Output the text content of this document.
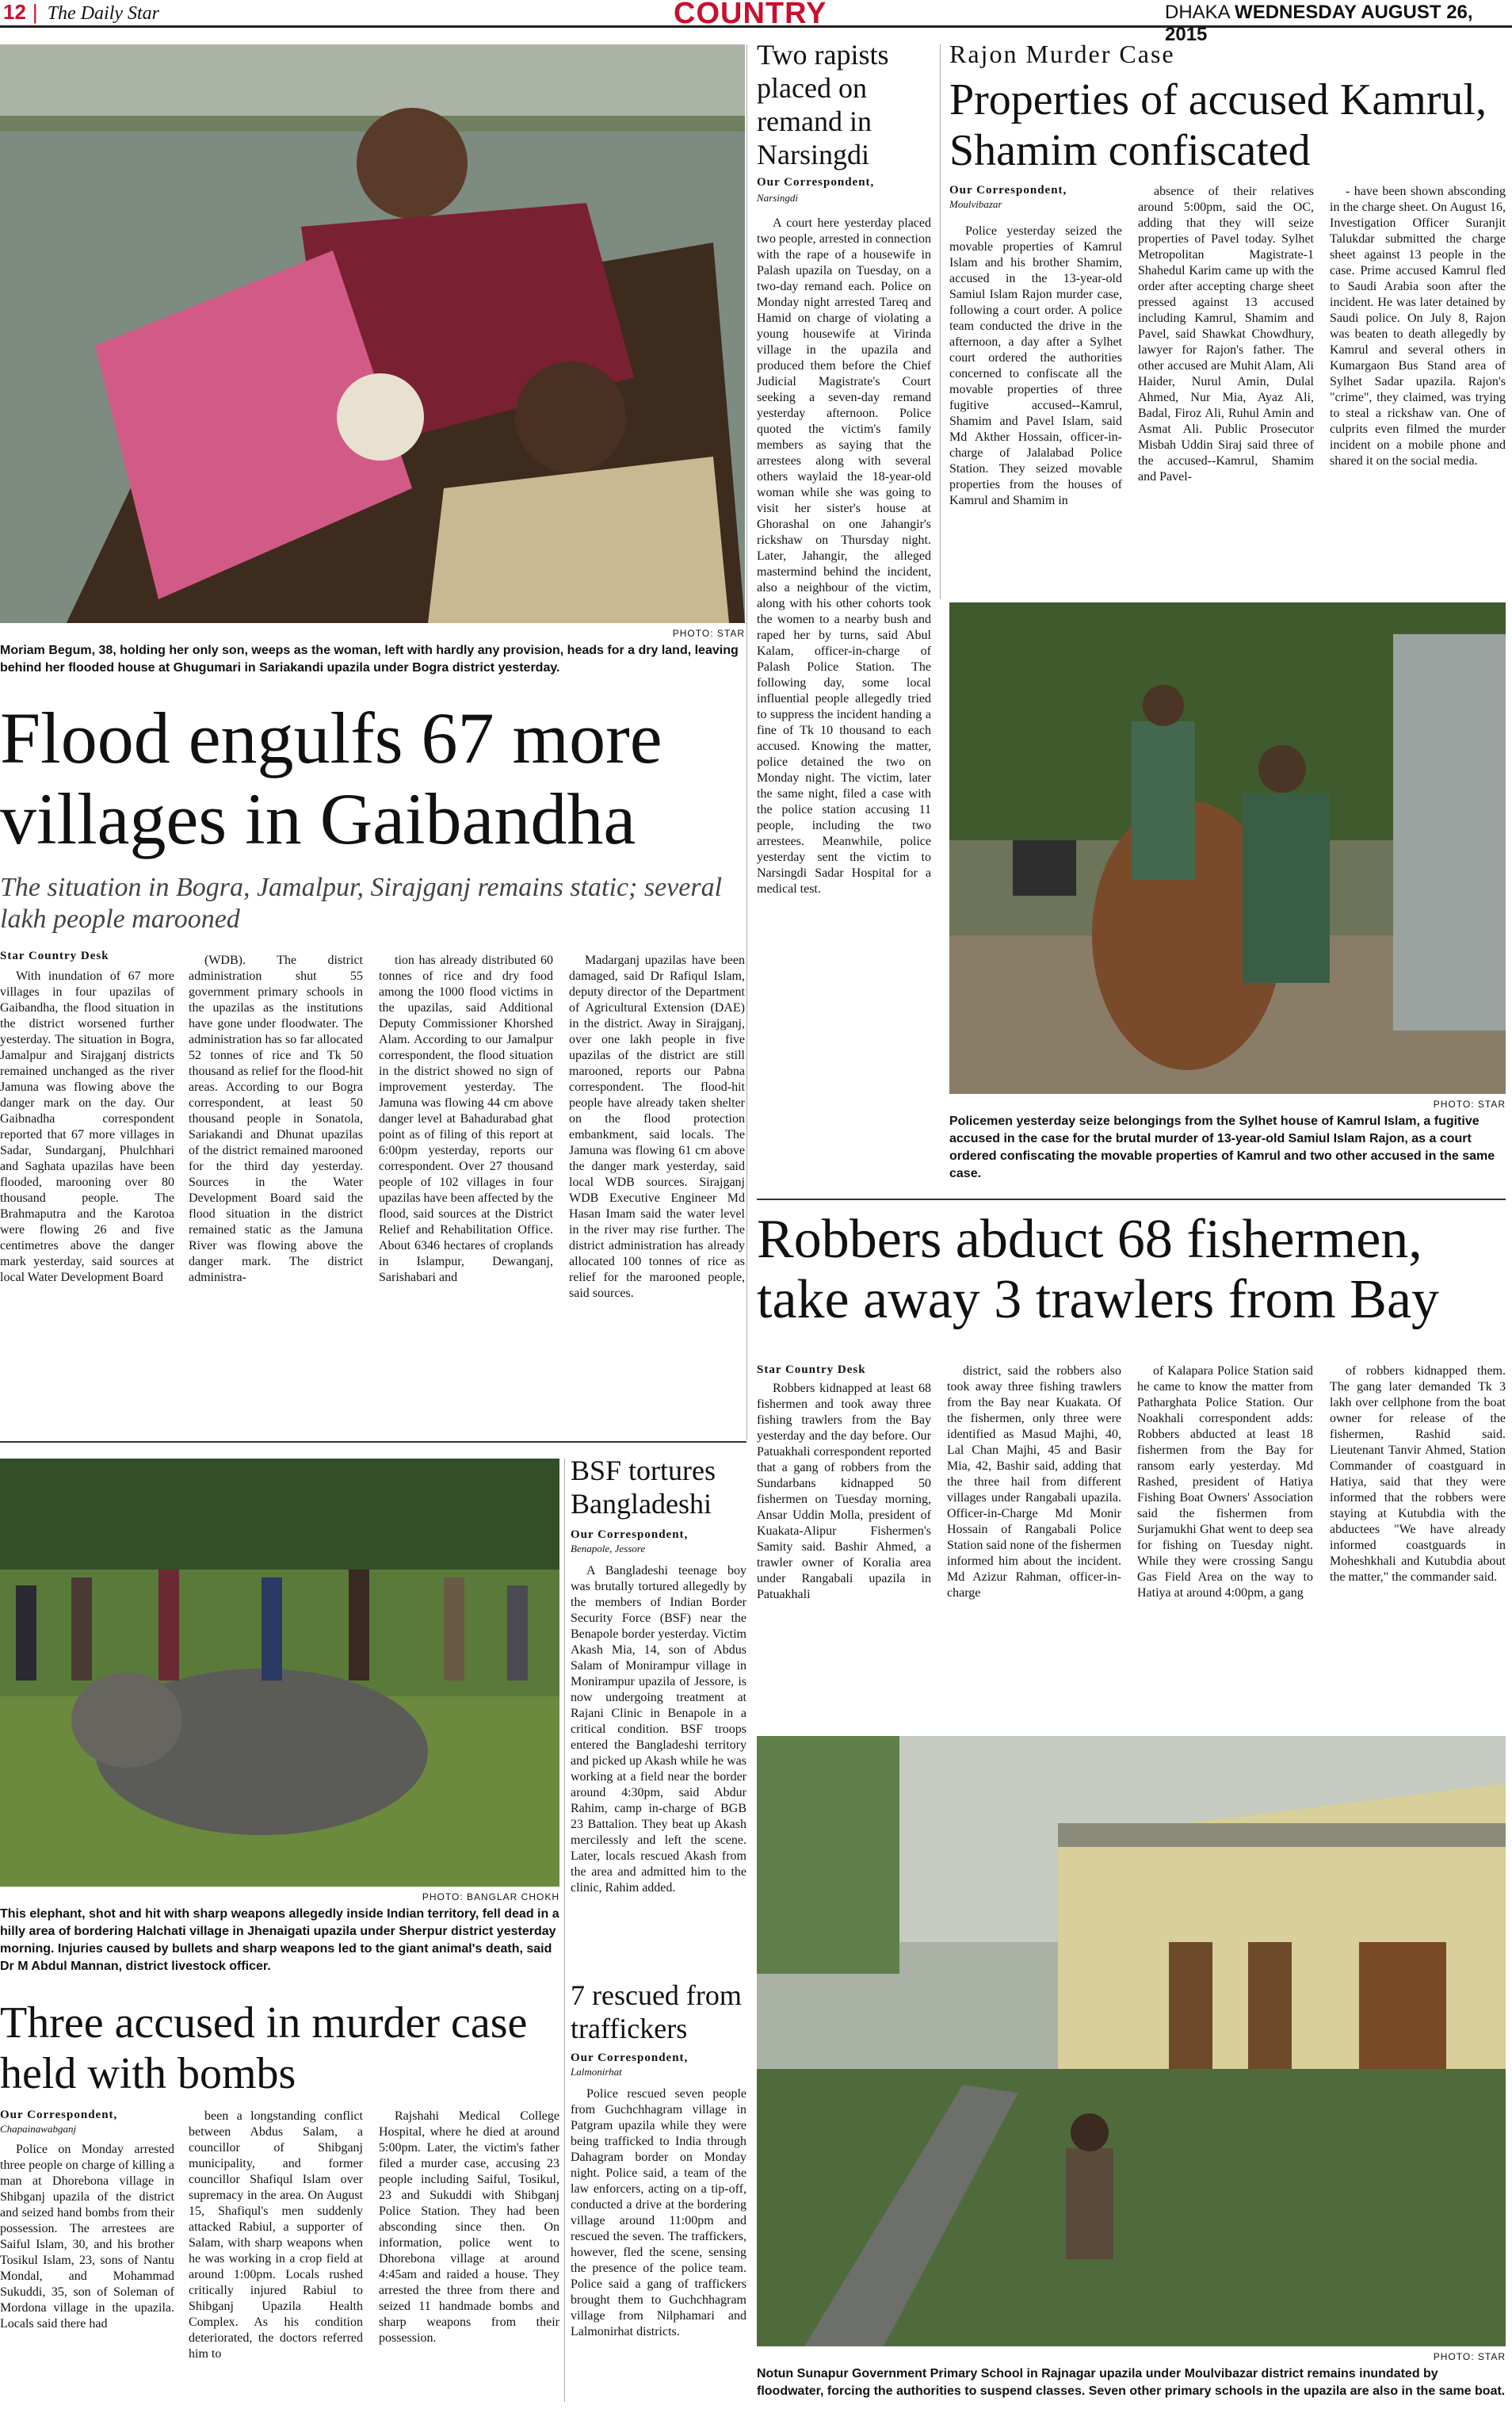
12 | The Daily Star	COUNTRY	DHAKA WEDNESDAY AUGUST 26, 2015
PHOTO: STAR
Moriam Begum, 38, holding her only son, weeps as the woman, left with hardly any provision, heads for a dry land, leaving behind her flooded house at Ghugumari in Sariakandi upazila under Bogra district yesterday.
Flood engulfs 67 more villages in Gaibandha
The situation in Bogra, Jamalpur, Sirajganj remains static; several lakh people marooned
Star Country Desk

With inundation of 67 more villages in four upazilas of Gaibandha, the flood situation in the district worsened further yesterday. The situation in Bogra, Jamalpur and Sirajganj districts remained unchanged as the river Jamuna was flowing above the danger mark on the day. Our Gaibnadha correspondent reported that 67 more villages in Sadar, Sundarganj, Phulchhari and Saghata upazilas have been flooded, marooning over 80 thousand people. The Brahmaputra and the Karotoa were flowing 26 and five centimetres above the danger mark yesterday, said sources at local Water Development Board

(WDB). The district administration shut 55 government primary schools in the upazilas as the institutions have gone under floodwater. The administration has so far allocated 52 tonnes of rice and Tk 50 thousand as relief for the flood-hit areas. According to our Bogra correspondent, at least 50 thousand people in Sonatola, Sariakandi and Dhunat upazilas of the district remained marooned for the third day yesterday. Sources in the Water Development Board said the flood situation in the district remained static as the Jamuna River was flowing above the danger mark. The district administra-

tion has already distributed 60 tonnes of rice and dry food among the 1000 flood victims in the upazilas, said Additional Deputy Commissioner Khorshed Alam. According to our Jamalpur correspondent, the flood situation in the district showed no sign of improvement yesterday. The Jamuna was flowing 44 cm above danger level at Bahadurabad ghat point as of filing of this report at 6:00pm yesterday, reports our correspondent. Over 27 thousand people of 102 villages in four upazilas have been affected by the flood, said sources at the District Relief and Rehabilitation Office. About 6346 hectares of croplands in Islampur, Dewanganj, Sarishabari and

Madarganj upazilas have been damaged, said Dr Rafiqul Islam, deputy director of the Department of Agricultural Extension (DAE) in the district. Away in Sirajganj, over one lakh people in five upazilas of the district are still marooned, reports our Pabna correspondent. The flood-hit people have already taken shelter on the flood protection embankment, said locals. The Jamuna was flowing 61 cm above the danger mark yesterday, said local WDB sources. Sirajganj WDB Executive Engineer Md Hasan Imam said the water level in the river may rise further. The district administration has already allocated 100 tonnes of rice as relief for the marooned people, said sources.

Two rapists placed on remand in Narsingdi
Our Correspondent,
Narsingdi

A court here yesterday placed two people, arrested in connection with the rape of a housewife in Palash upazila on Tuesday, on a two-day remand each. Police on Monday night arrested Tareq and Hamid on charge of violating a young housewife at Virinda village in the upazila and produced them before the Chief Judicial Magistrate's Court seeking a seven-day remand yesterday afternoon. Police quoted the victim's family members as saying that the arrestees along with several others waylaid the 18-year-old woman while she was going to visit her sister's house at Ghorashal on one Jahangir's rickshaw on Thursday night. Later, Jahangir, the alleged mastermind behind the incident, also a neighbour of the victim, along with his other cohorts took the women to a nearby bush and raped her by turns, said Abul Kalam, officer-in-charge of Palash Police Station. The following day, some local influential people allegedly tried to suppress the incident handing a fine of Tk 10 thousand to each accused. Knowing the matter, police detained the two on Monday night. The victim, later the same night, filed a case with the police station accusing 11 people, including the two arrestees. Meanwhile, police yesterday sent the victim to Narsingdi Sadar Hospital for a medical test.

Rajon Murder Case
Properties of accused Kamrul, Shamim confiscated
Our Correspondent,
Moulvibazar

Police yesterday seized the movable properties of Kamrul Islam and his brother Shamim, accused in the 13-year-old Samiul Islam Rajon murder case, following a court order. A police team conducted the drive in the afternoon, a day after a Sylhet court ordered the authorities concerned to confiscate all the movable properties of three fugitive accused--Kamrul, Shamim and Pavel Islam, said Md Akther Hossain, officer-in-charge of Jalalabad Police Station. They seized movable properties from the houses of Kamrul and Shamim in

absence of their relatives around 5:00pm, said the OC, adding that they will seize properties of Pavel today. Sylhet Metropolitan Magistrate-1 Shahedul Karim came up with the order after accepting charge sheet pressed against 13 accused including Kamrul, Shamim and Pavel, said Shawkat Chowdhury, lawyer for Rajon's father. The other accused are Muhit Alam, Ali Haider, Nurul Amin, Dulal Ahmed, Nur Mia, Ayaz Ali, Badal, Firoz Ali, Ruhul Amin and Asmat Ali. Public Prosecutor Misbah Uddin Siraj said three of the accused--Kamrul, Shamim and Pavel-

- have been shown absconding in the charge sheet. On August 16, Investigation Officer Suranjit Talukdar submitted the charge sheet against 13 people in the case. Prime accused Kamrul fled to Saudi Arabia soon after the incident. He was later detained by Saudi police. On July 8, Rajon was beaten to death allegedly by Kamrul and several others in Kumargaon Bus Stand area of Sylhet Sadar upazila. Rajon's "crime", they claimed, was trying to steal a rickshaw van. One of culprits even filmed the murder incident on a mobile phone and shared it on the social media.

PHOTO: STAR
Policemen yesterday seize belongings from the Sylhet house of Kamrul Islam, a fugitive accused in the case for the brutal murder of 13-year-old Samiul Islam Rajon, as a court ordered confiscating the movable properties of Kamrul and two other accused in the same case.
Robbers abduct 68 fishermen, take away 3 trawlers from Bay
Star Country Desk

Robbers kidnapped at least 68 fishermen and took away three fishing trawlers from the Bay yesterday and the day before. Our Patuakhali correspondent reported that a gang of robbers from the Sundarbans kidnapped 50 fishermen on Tuesday morning, Ansar Uddin Molla, president of Kuakata-Alipur Fishermen's Samity said. Bashir Ahmed, a trawler owner of Koralia area under Rangabali upazila in Patuakhali

district, said the robbers also took away three fishing trawlers from the Bay near Kuakata. Of the fishermen, only three were identified as Masud Majhi, 40, Lal Chan Majhi, 45 and Basir Mia, 42, Bashir said, adding that the three hail from different villages under Rangabali upazila. Officer-in-Charge Md Monir Hossain of Rangabali Police Station said none of the fishermen informed him about the incident. Md Azizur Rahman, officer-in-charge

of Kalapara Police Station said he came to know the matter from Patharghata Police Station. Our Noakhali correspondent adds: Robbers abducted at least 18 fishermen from the Bay for ransom early yesterday. Md Rashed, president of Hatiya Fishing Boat Owners' Association said the fishermen from Surjamukhi Ghat went to deep sea for fishing on Tuesday night. While they were crossing Sangu Gas Field Area on the way to Hatiya at around 4:00pm, a gang

of robbers kidnapped them. The gang later demanded Tk 3 lakh over cellphone from the boat owner for release of the fishermen, Rashid said. Lieutenant Tanvir Ahmed, Station Commander of coastguard in Hatiya, said that they were informed that the robbers were staying at Kutubdia with the abductees "We have already informed coastguards in Moheshkhali and Kutubdia about the matter," the commander said.

PHOTO: BANGLAR CHOKH
This elephant, shot and hit with sharp weapons allegedly inside Indian territory, fell dead in a hilly area of bordering Halchati village in Jhenaigati upazila under Sherpur district yesterday morning. Injuries caused by bullets and sharp weapons led to the giant animal's death, said Dr M Abdul Mannan, district livestock officer.
Three accused in murder case held with bombs
Our Correspondent,
Chapainawabganj

Police on Monday arrested three people on charge of killing a man at Dhorebona village in Shibganj upazila of the district and seized hand bombs from their possession. The arrestees are Saiful Islam, 30, and his brother Tosikul Islam, 23, sons of Nantu Mondal, and Mohammad Sukuddi, 35, son of Soleman of Mordona village in the upazila. Locals said there had

been a longstanding conflict between Abdus Salam, a councillor of Shibganj municipality, and former councillor Shafiqul Islam over supremacy in the area. On August 15, Shafiqul's men suddenly attacked Rabiul, a supporter of Salam, with sharp weapons when he was working in a crop field at around 1:00pm. Locals rushed critically injured Rabiul to Shibganj Upazila Health Complex. As his condition deteriorated, the doctors referred him to

Rajshahi Medical College Hospital, where he died at around 5:00pm. Later, the victim's father filed a murder case, accusing 23 people including Saiful, Tosikul, 23 and Sukuddi with Shibganj Police Station. They had been absconding since then. On information, police went to Dhorebona village at around 4:45am and raided a house. They arrested the three from there and seized 11 handmade bombs and sharp weapons from their possession.

BSF tortures Bangladeshi
Our Correspondent,
Benapole, Jessore

A Bangladeshi teenage boy was brutally tortured allegedly by the members of Indian Border Security Force (BSF) near the Benapole border yesterday. Victim Akash Mia, 14, son of Abdus Salam of Monirampur village in Monirampur upazila of Jessore, is now undergoing treatment at Rajani Clinic in Benapole in a critical condition. BSF troops entered the Bangladeshi territory and picked up Akash while he was working at a field near the border around 4:30pm, said Abdur Rahim, camp in-charge of BGB 23 Battalion. They beat up Akash mercilessly and left the scene. Later, locals rescued Akash from the area and admitted him to the clinic, Rahim added.

7 rescued from traffickers
Our Correspondent,
Lalmonirhat

Police rescued seven people from Guchchhagram village in Patgram upazila while they were being trafficked to India through Dahagram border on Monday night. Police said, a team of the law enforcers, acting on a tip-off, conducted a drive at the bordering village around 11:00pm and rescued the seven. The traffickers, however, fled the scene, sensing the presence of the police team. Police said a gang of traffickers brought them to Guchchhagram village from Nilphamari and Lalmonirhat districts.

PHOTO: STAR
Notun Sunapur Government Primary School in Rajnagar upazila under Moulvibazar district remains inundated by floodwater, forcing the authorities to suspend classes. Seven other primary schools in the upazila are also in the same boat.
